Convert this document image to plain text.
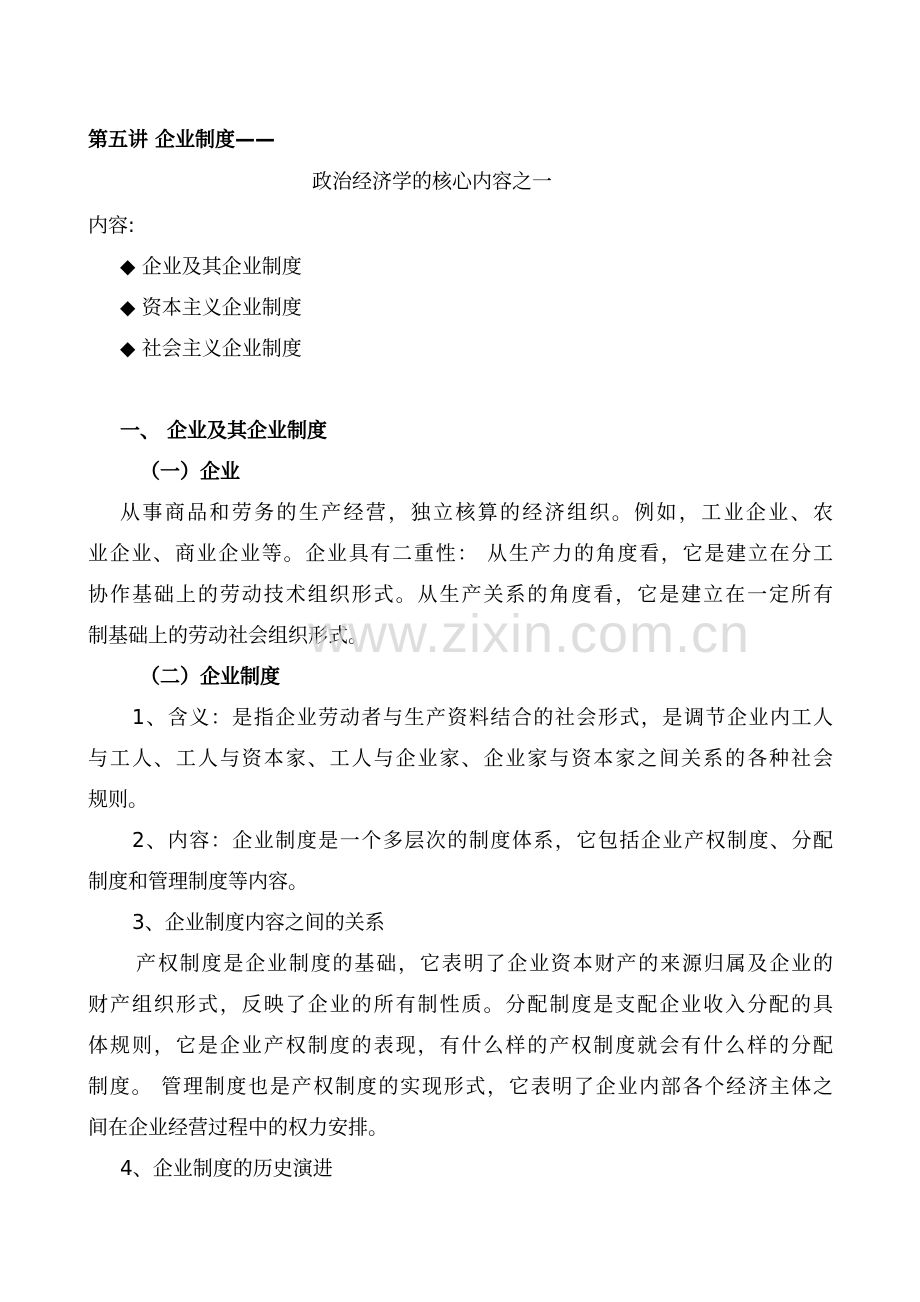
第五讲 企业制度——
政治经济学的核心内容之一
内容:
◆ 企业及其企业制度
◆ 资本主义企业制度
◆ 社会主义企业制度
一、 企业及其企业制度
（一）企业
从事商品和劳务的生产经营，独立核算的经济组织。例如，工业企业、农
业企业、商业企业等。企业具有二重性： 从生产力的角度看，它是建立在分工
协作基础上的劳动技术组织形式。从生产关系的角度看，它是建立在一定所有
制基础上的劳动社会组织形式。
（二）企业制度
1、含义：是指企业劳动者与生产资料结合的社会形式，是调节企业内工人
与工人、工人与资本家、工人与企业家、企业家与资本家之间关系的各种社会
规则。
2、内容：企业制度是一个多层次的制度体系，它包括企业产权制度、分配
制度和管理制度等内容。
3、企业制度内容之间的关系
产权制度是企业制度的基础，它表明了企业资本财产的来源归属及企业的
财产组织形式，反映了企业的所有制性质。分配制度是支配企业收入分配的具
体规则，它是企业产权制度的表现，有什么样的产权制度就会有什么样的分配
制度。 管理制度也是产权制度的实现形式，它表明了企业内部各个经济主体之
间在企业经营过程中的权力安排。
4、企业制度的历史演进
www.zixin.com.cn
